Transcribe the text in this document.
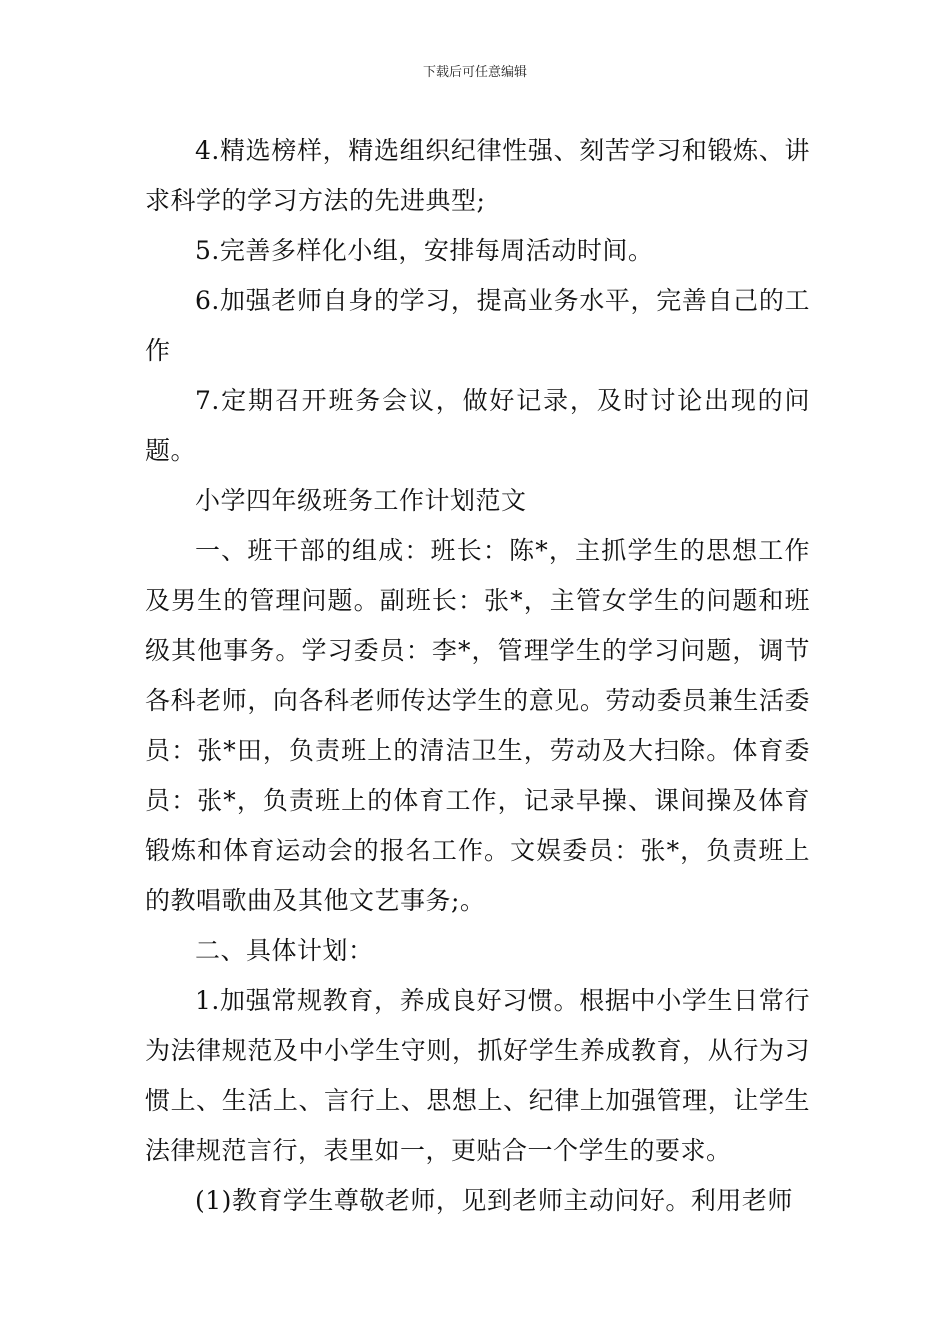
下载后可任意编辑

4.精选榜样，精选组织纪律性强、刻苦学习和锻炼、讲求科学的学习方法的先进典型;

5.完善多样化小组，安排每周活动时间。

6.加强老师自身的学习，提高业务水平，完善自己的工作

7.定期召开班务会议，做好记录，及时讨论出现的问题。

小学四年级班务工作计划范文

一、班干部的组成：班长：陈*，主抓学生的思想工作及男生的管理问题。副班长：张*，主管女学生的问题和班级其他事务。学习委员：李*，管理学生的学习问题，调节各科老师，向各科老师传达学生的意见。劳动委员兼生活委员：张*田，负责班上的清洁卫生，劳动及大扫除。体育委员：张*，负责班上的体育工作，记录早操、课间操及体育锻炼和体育运动会的报名工作。文娱委员：张*，负责班上的教唱歌曲及其他文艺事务;。

二、具体计划：

1.加强常规教育，养成良好习惯。根据中小学生日常行为法律规范及中小学生守则，抓好学生养成教育，从行为习惯上、生活上、言行上、思想上、纪律上加强管理，让学生法律规范言行，表里如一，更贴合一个学生的要求。

(1)教育学生尊敬老师，见到老师主动问好。利用老师
